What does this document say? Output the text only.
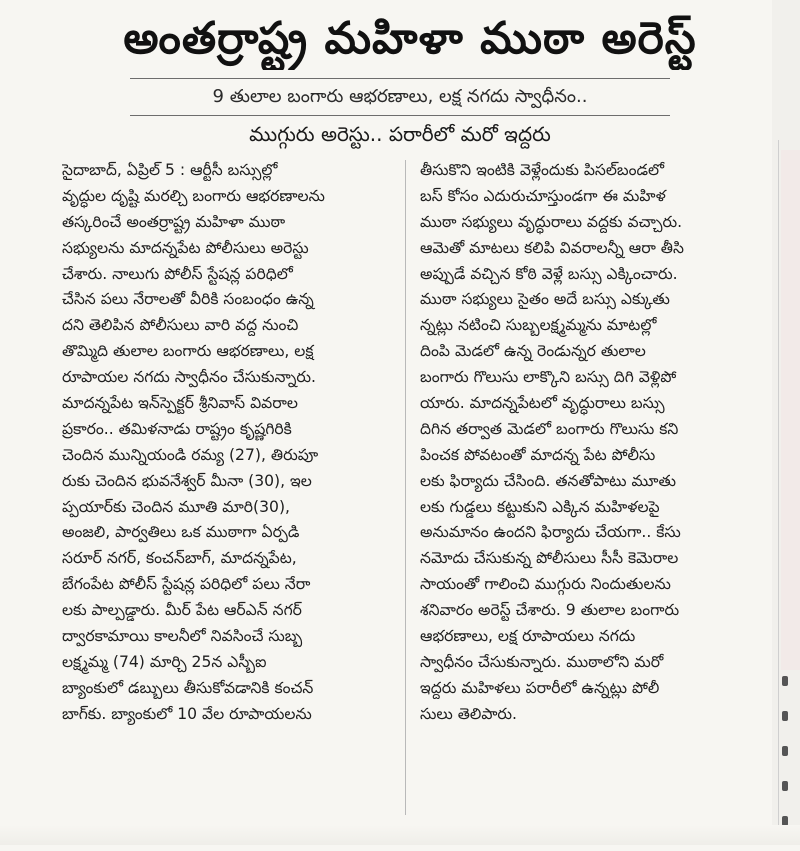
అంతర్రాష్ట్ర మహిళా ముఠా అరెస్ట్
9 తులాల బంగారు ఆభరణాలు, లక్ష నగదు స్వాధీనం..
ముగ్గురు అరెస్టు.. పరారీలో మరో ఇద్దరు

సైదాబాద్, ఏప్రిల్ 5 : ఆర్టీసీ బస్సుల్లో
వృద్ధుల దృష్టి మరల్చి బంగారు ఆభరణాలను
తస్కరించే అంతర్రాష్ట్ర మహిళా ముఠా
సభ్యులను మాదన్నపేట పోలీసులు అరెస్టు
చేశారు. నాలుగు పోలీస్ స్టేషన్ల పరిధిలో
చేసిన పలు నేరాలతో వీరికి సంబంధం ఉన్న
దని తెలిపిన పోలీసులు వారి వద్ద నుంచి
తొమ్మిది తులాల బంగారు ఆభరణాలు, లక్ష
రూపాయల నగదు స్వాధీనం చేసుకున్నారు.
మాదన్నపేట ఇన్‌స్పెక్టర్ శ్రీనివాస్ వివరాల
ప్రకారం.. తమిళనాడు రాష్ట్రం కృష్ణగిరికి
చెందిన మున్నియండి రమ్య (27), తిరుపూ
రుకు చెందిన భువనేశ్వర్ మీనా (30), ఇల
ప్పయార్‌కు చెందిన మూతి మారి(30),
అంజలి, పార్వతిలు ఒక ముఠాగా ఏర్పడి
సరూర్ నగర్, కంచన్‌బాగ్, మాదన్నపేట,
బేగంపేట పోలీస్ స్టేషన్ల పరిధిలో పలు నేరా
లకు పాల్పడ్డారు. మీర్ పేట ఆర్‌ఎన్ నగర్
ద్వారకామాయి కాలనీలో నివసించే సుబ్బ
లక్ష్మమ్మ (74) మార్చి 25న ఎస్బీఐ
బ్యాంకులో డబ్బులు తీసుకోవడానికి కంచన్
బాగ్‌కు. బ్యాంకులో 10 వేల రూపాయలను

తీసుకొని ఇంటికి వెళ్లేందుకు పిసల్‌బండలో
బస్ కోసం ఎదురుచూస్తుండగా ఈ మహిళ
ముఠా సభ్యులు వృద్ధురాలు వద్దకు వచ్చారు.
ఆమెతో మాటలు కలిపి వివరాలన్నీ ఆరా తీసి
అప్పుడే వచ్చిన కోఠి వెళ్లే బస్సు ఎక్కించారు.
ముఠా సభ్యులు సైతం అదే బస్సు ఎక్కుతు
న్నట్లు నటించి సుబ్బలక్ష్మమ్మను మాటల్లో
దింపి మెడలో ఉన్న రెండున్నర తులాల
బంగారు గొలుసు లాక్కొని బస్సు దిగి వెళ్లిపో
యారు. మాదన్నపేటలో వృద్ధురాలు బస్సు
దిగిన తర్వాత మెడలో బంగారు గొలుసు కని
పించక పోవటంతో మాదన్న పేట పోలీసు
లకు ఫిర్యాదు చేసింది. తనతోపాటు మూతు
లకు గుడ్డలు కట్టుకుని ఎక్కిన మహిళలపై
అనుమానం ఉందని ఫిర్యాదు చేయగా.. కేసు
నమోదు చేసుకున్న పోలీసులు సీసీ కెమెరాల
సాయంతో గాలించి ముగ్గురు నిందుతులను
శనివారం అరెస్ట్ చేశారు. 9 తులాల బంగారు
ఆభరణాలు, లక్ష రూపాయలు నగదు
స్వాధీనం చేసుకున్నారు. ముఠాలోని మరో
ఇద్దరు మహిళలు పరారీలో ఉన్నట్లు పోలీ
సులు తెలిపారు.
